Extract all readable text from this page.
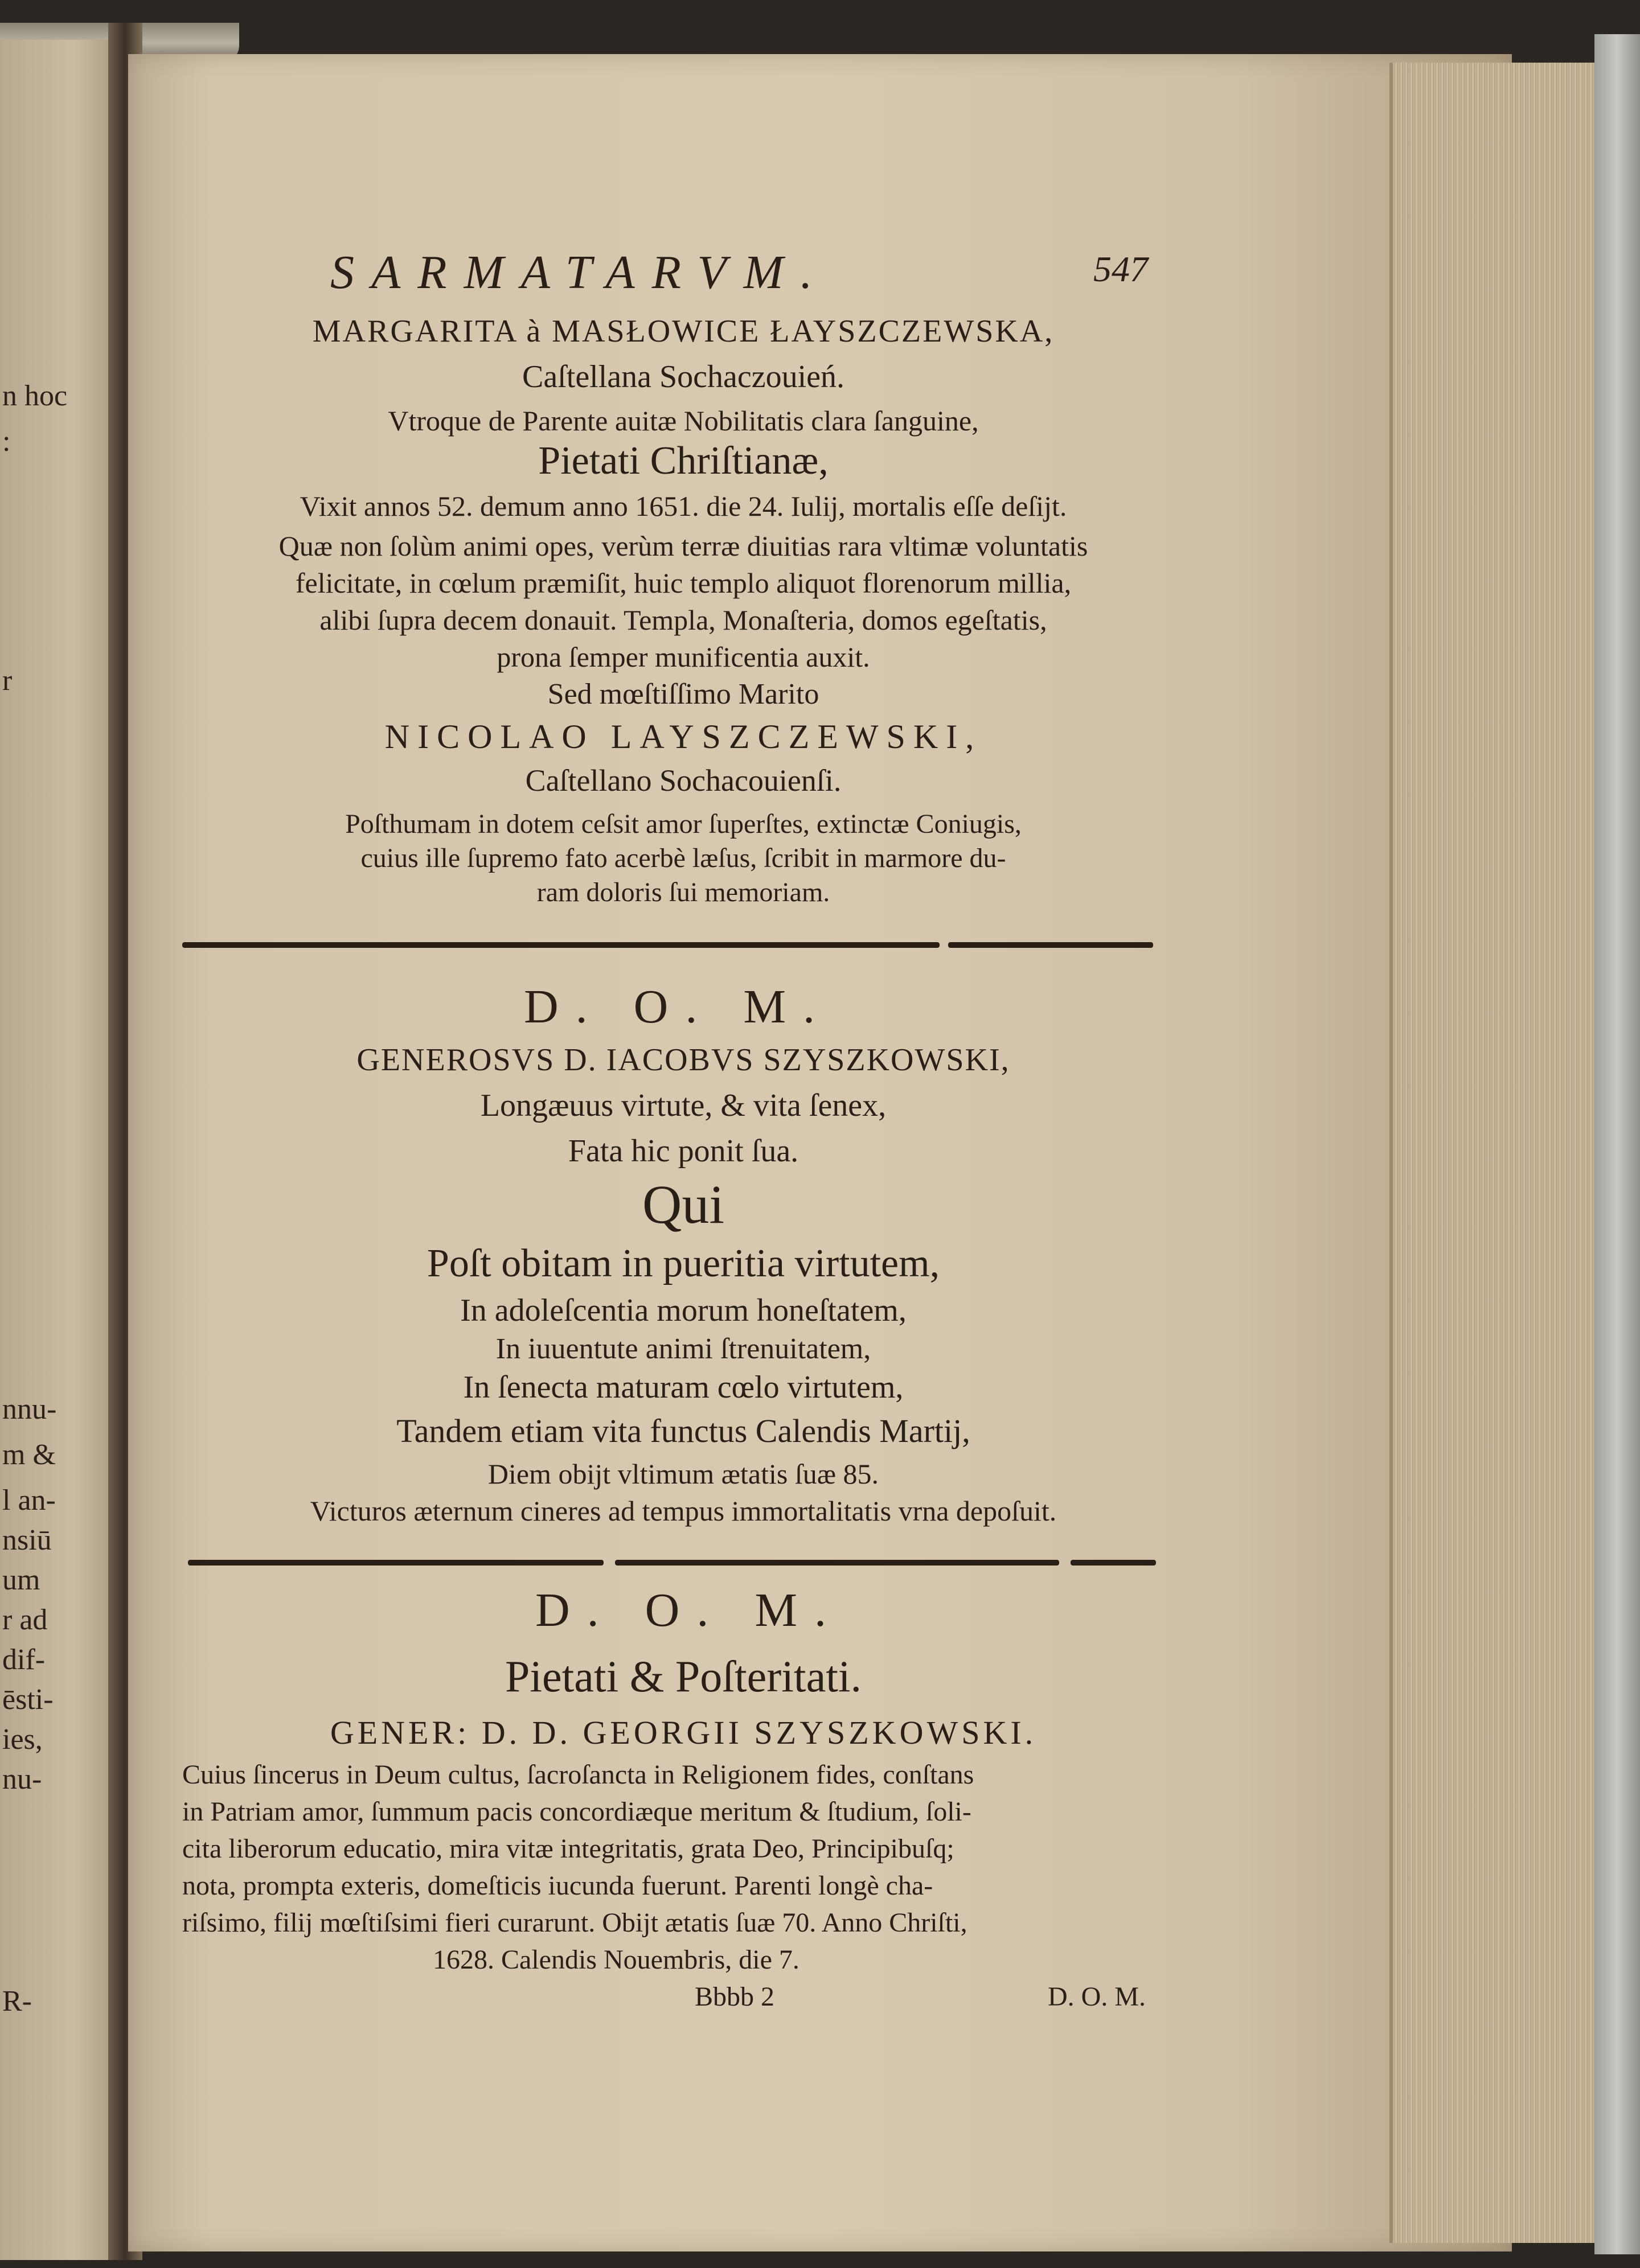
n hoc
:
r
nnu-
m &
l an-
nsiū
um
r ad
dif-
ēsti-
ies,
nu-
R-
SARMATARVM.	547
MARGARITA à MASŁOWICE ŁAYSZCZEWSKA,
Caſtellana Sochaczouień.
Vtroque de Parente auitæ Nobilitatis clara ſanguine,
Pietati Chriſtianæ,
Vixit annos 52. demum anno 1651. die 24. Iulij, mortalis eſſe deſijt.
Quæ non ſolùm animi opes, verùm terræ diuitias rara vltimæ voluntatis
felicitate, in cœlum præmiſit, huic templo aliquot florenorum millia,
alibi ſupra decem donauit. Templa, Monaſteria, domos egeſtatis,
prona ſemper munificentia auxit.
Sed mœſtiſſimo Marito
NICOLAO LAYSZCZEWSKI,
Caſtellano Sochacouienſi.
Poſthumam in dotem ceſsit amor ſuperſtes, extinctæ Coniugis,
cuius ille ſupremo fato acerbè læſus, ſcribit in marmore du-
ram doloris ſui memoriam.
D. O. M.
GENEROSVS D. IACOBVS SZYSZKOWSKI,
Longæuus virtute, & vita ſenex,
Fata hic ponit ſua.
Qui
Poſt obitam in pueritia virtutem,
In adoleſcentia morum honeſtatem,
In iuuentute animi ſtrenuitatem,
In ſenecta maturam cœlo virtutem,
Tandem etiam vita functus Calendis Martij,
Diem obijt vltimum ætatis ſuæ 85.
Victuros æternum cineres ad tempus immortalitatis vrna depoſuit.
D. O. M.
Pietati & Poſteritati.
GENER: D. D. GEORGII SZYSZKOWSKI.
Cuius ſincerus in Deum cultus, ſacroſancta in Religionem fides, conſtans
in Patriam amor, ſummum pacis concordiæque meritum & ſtudium, ſoli-
cita liberorum educatio, mira vitæ integritatis, grata Deo, Principibuſq;
nota, prompta exteris, domeſticis iucunda fuerunt. Parenti longè cha-
riſsimo, filij mœſtiſsimi fieri curarunt. Obijt ætatis ſuæ 70. Anno Chriſti,
1628. Calendis Nouembris, die 7.
Bbbb 2	D. O. M.
